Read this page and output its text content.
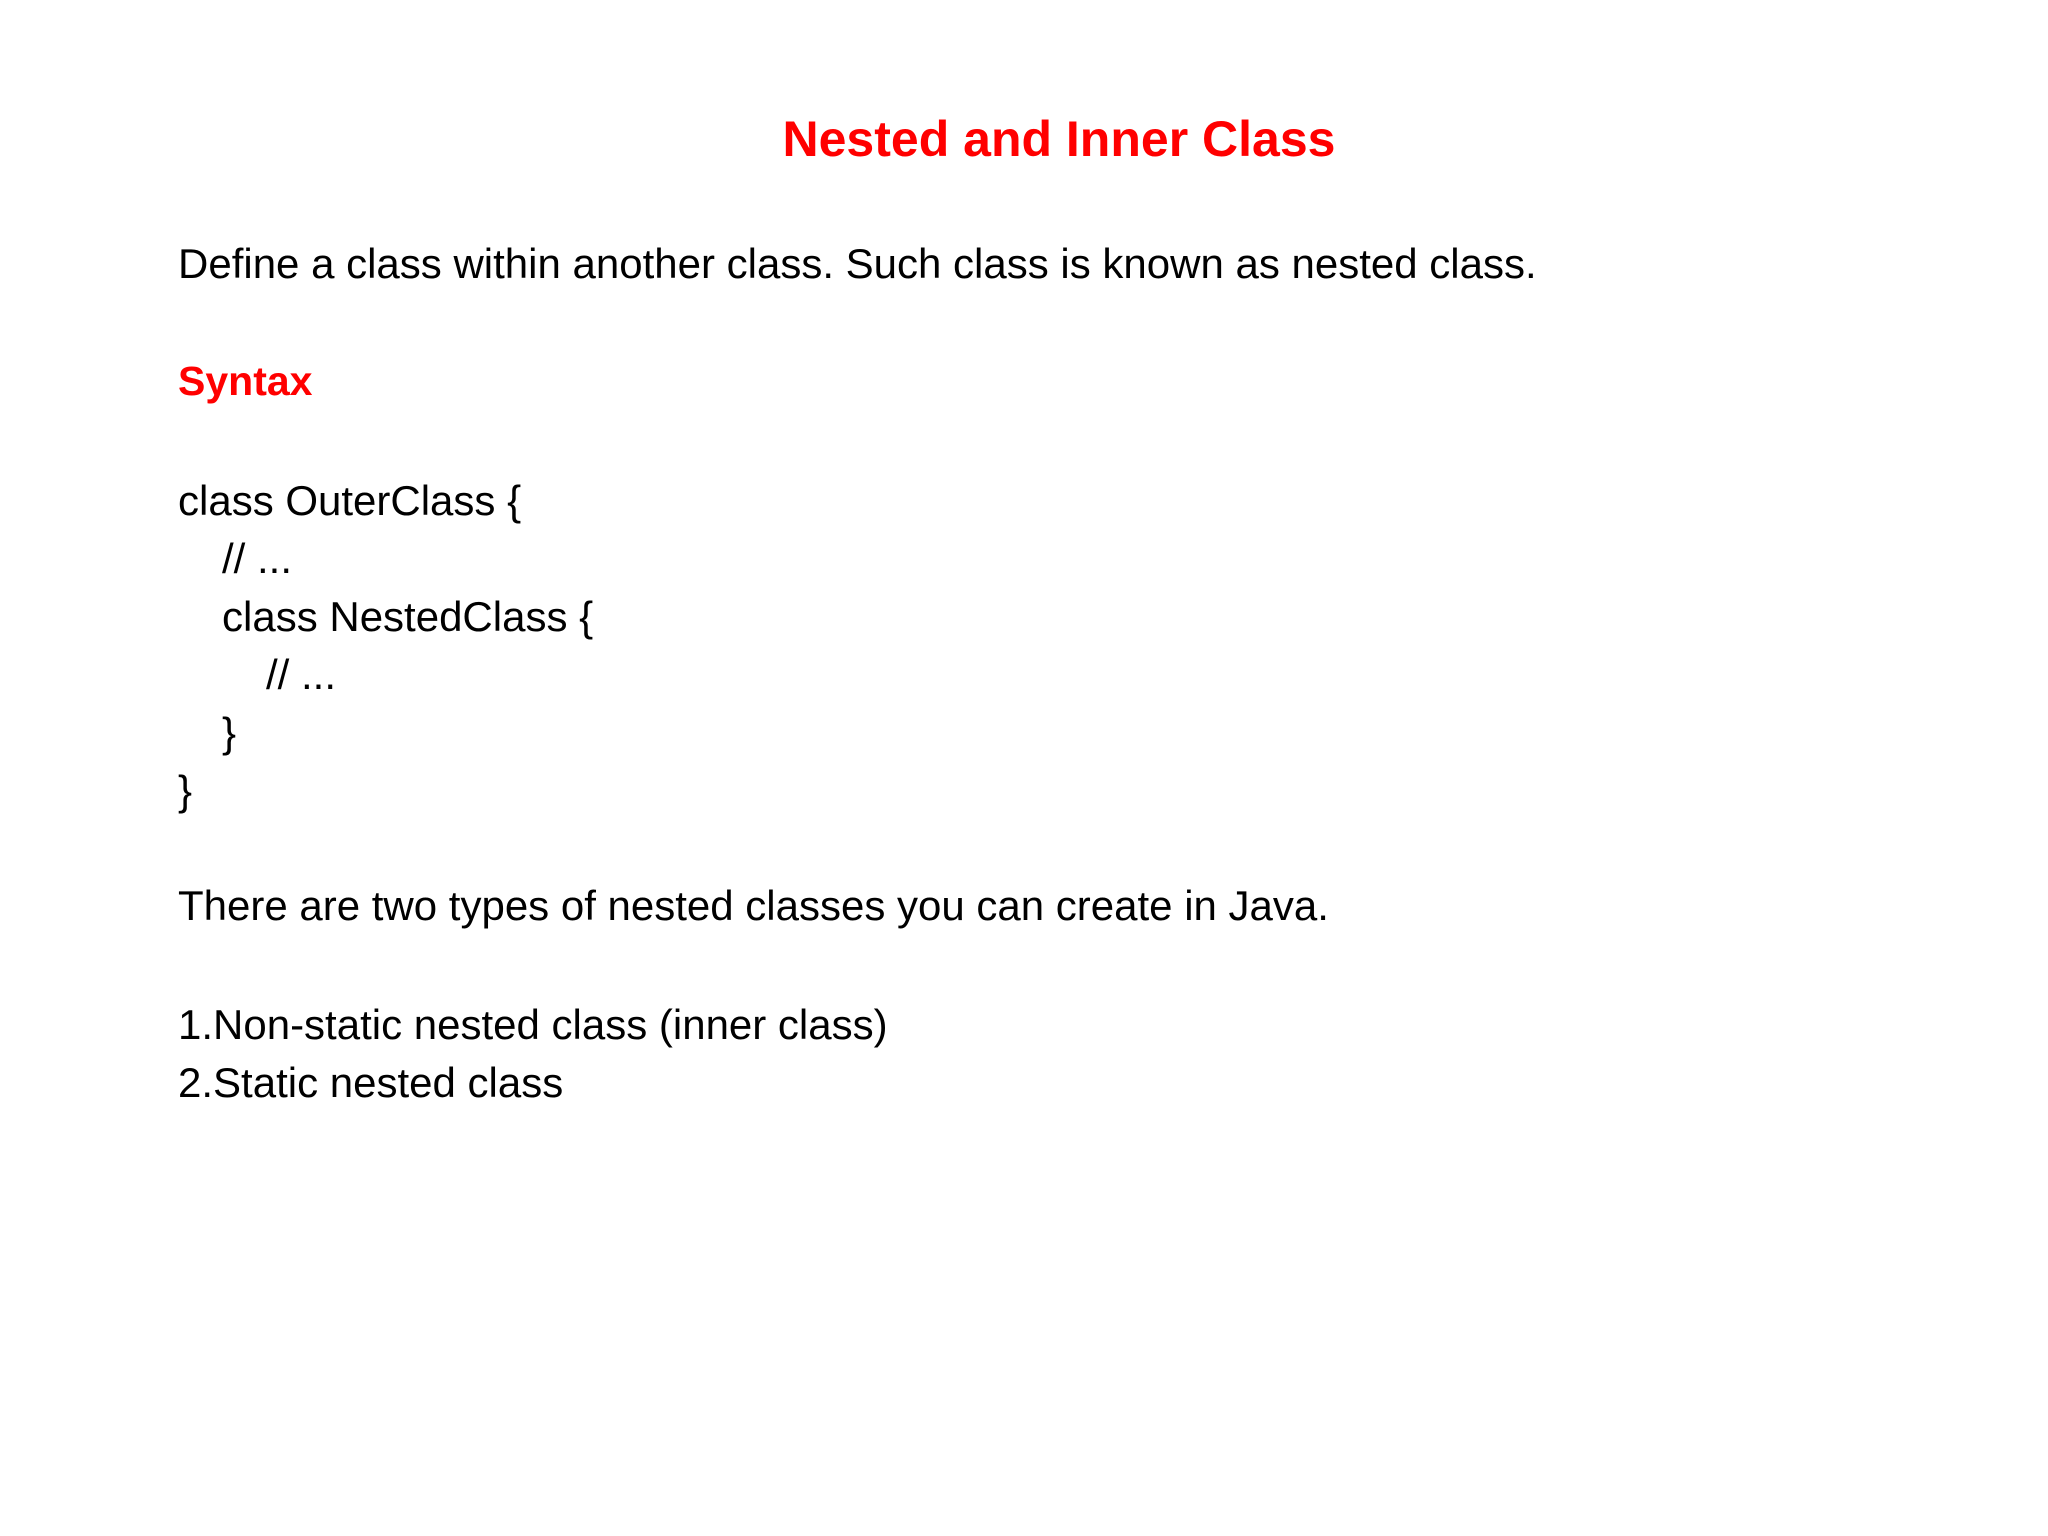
Nested and Inner Class

Define a class within another class. Such class is known as nested class.

Syntax

class OuterClass {
// ...
class NestedClass {
// ...
}
}

There are two types of nested classes you can create in Java.

1.Non-static nested class (inner class)
2.Static nested class
